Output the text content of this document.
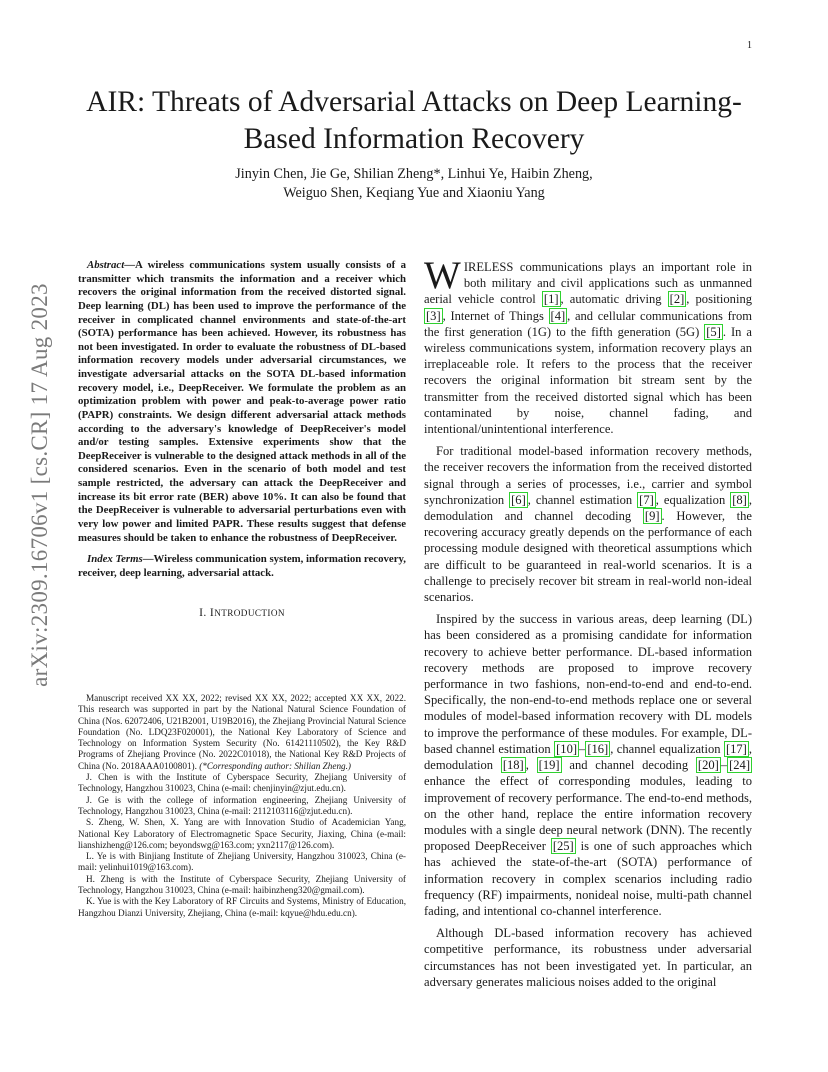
1
arXiv:2309.16706v1 [cs.CR] 17 Aug 2023
AIR: Threats of Adversarial Attacks on Deep Learning-Based Information Recovery
Jinyin Chen, Jie Ge, Shilian Zheng*, Linhui Ye, Haibin Zheng,
Weiguo Shen, Keqiang Yue and Xiaoniu Yang

Abstract—A wireless communications system usually consists of a transmitter which transmits the information and a receiver which recovers the original information from the received distorted signal. Deep learning (DL) has been used to improve the performance of the receiver in complicated channel environments and state-of-the-art (SOTA) performance has been achieved. However, its robustness has not been investigated. In order to evaluate the robustness of DL-based information recovery models under adversarial circumstances, we investigate adversarial attacks on the SOTA DL-based information recovery model, i.e., DeepReceiver. We formulate the problem as an optimization problem with power and peak-to-average power ratio (PAPR) constraints. We design different adversarial attack methods according to the adversary's knowledge of DeepReceiver's model and/or testing samples. Extensive experiments show that the DeepReceiver is vulnerable to the designed attack methods in all of the considered scenarios. Even in the scenario of both model and test sample restricted, the adversary can attack the DeepReceiver and increase its bit error rate (BER) above 10%. It can also be found that the DeepReceiver is vulnerable to adversarial perturbations even with very low power and limited PAPR. These results suggest that defense measures should be taken to enhance the robustness of DeepReceiver.

Index Terms—Wireless communication system, information recovery, receiver, deep learning, adversarial attack.

I. INTRODUCTION

Manuscript received XX XX, 2022; revised XX XX, 2022; accepted XX XX, 2022. This research was supported in part by the National Natural Science Foundation of China (Nos. 62072406, U21B2001, U19B2016), the Zhejiang Provincial Natural Science Foundation (No. LDQ23F020001), the National Key Laboratory of Science and Technology on Information System Security (No. 61421110502), the Key R&D Programs of Zhejiang Province (No. 2022C01018), the National Key R&D Projects of China (No. 2018AAA0100801). (*Corresponding author: Shilian Zheng.)

J. Chen is with the Institute of Cyberspace Security, Zhejiang University of Technology, Hangzhou 310023, China (e-mail: chenjinyin@zjut.edu.cn).

J. Ge is with the college of information engineering, Zhejiang University of Technology, Hangzhou 310023, China (e-mail: 2112103116@zjut.edu.cn).

S. Zheng, W. Shen, X. Yang are with Innovation Studio of Academician Yang, National Key Laboratory of Electromagnetic Space Security, Jiaxing, China (e-mail: lianshizheng@126.com; beyondswg@163.com; yxn2117@126.com).

L. Ye is with Binjiang Institute of Zhejiang University, Hangzhou 310023, China (e-mail: yelinhui1019@163.com).

H. Zheng is with the Institute of Cyberspace Security, Zhejiang University of Technology, Hangzhou 310023, China (e-mail: haibinzheng320@gmail.com).

K. Yue is with the Key Laboratory of RF Circuits and Systems, Ministry of Education, Hangzhou Dianzi University, Zhejiang, China (e-mail: kqyue@hdu.edu.cn).

WIRELESS communications plays an important role in both military and civil applications such as unmanned aerial vehicle control [1] , automatic driving [2] , positioning [3] , Internet of Things [4] , and cellular communications from the first generation (1G) to the fifth generation (5G) [5] . In a wireless communications system, information recovery plays an irreplaceable role. It refers to the process that the receiver recovers the original information bit stream sent by the transmitter from the received distorted signal which has been contaminated by noise, channel fading, and intentional/unintentional interference.

For traditional model-based information recovery methods, the receiver recovers the information from the received distorted signal through a series of processes, i.e., carrier and symbol synchronization [6] , channel estimation [7] , equalization [8] , demodulation and channel decoding [9] . However, the recovering accuracy greatly depends on the performance of each processing module designed with theoretical assumptions which are difficult to be guaranteed in real-world scenarios. It is a challenge to precisely recover bit stream in real-world non-ideal scenarios.

Inspired by the success in various areas, deep learning (DL) has been considered as a promising candidate for information recovery to achieve better performance. DL-based information recovery methods are proposed to improve recovery performance in two fashions, non-end-to-end and end-to-end. Specifically, the non-end-to-end methods replace one or several modules of model-based information recovery with DL models to improve the performance of these modules. For example, DL-based channel estimation [10] – [16] , channel equalization [17] , demodulation [18] , [19] and channel decoding [20] – [24] enhance the effect of corresponding modules, leading to improvement of recovery performance. The end-to-end methods, on the other hand, replace the entire information recovery modules with a single deep neural network (DNN). The recently proposed DeepReceiver [25] is one of such approaches which has achieved the state-of-the-art (SOTA) performance of information recovery in complex scenarios including radio frequency (RF) impairments, nonideal noise, multi-path channel fading, and intentional co-channel interference.

Although DL-based information recovery has achieved competitive performance, its robustness under adversarial circumstances has not been investigated yet. In particular, an adversary generates malicious noises added to the original
